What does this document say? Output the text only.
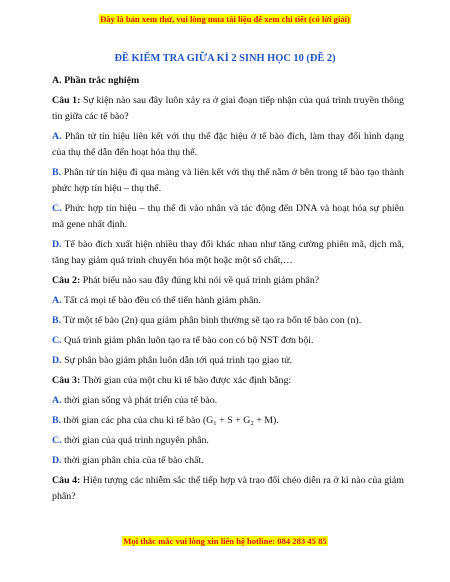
Đây là bản xem thử, vui lòng mua tài liệu để xem chi tiết (có lời giải)
ĐỀ KIỂM TRA GIỮA KÌ 2 SINH HỌC 10 (ĐỀ 2)

A. Phần trắc nghiệm

Câu 1: Sự kiện nào sau đây luôn xảy ra ở giai đoạn tiếp nhận của quá trình truyền thông tin giữa các tế bào?

A. Phân tử tín hiệu liên kết với thụ thể đặc hiệu ở tế bào đích, làm thay đổi hình dạng của thụ thể dẫn đến hoạt hóa thụ thể.

B. Phân tử tín hiệu đi qua màng và liên kết với thụ thể nằm ở bên trong tế bào tạo thành phức hợp tín hiệu – thụ thể.

C. Phức hợp tín hiệu – thụ thể đi vào nhân và tác động đến DNA và hoạt hóa sự phiên mã gene nhất định.

D. Tế bào đích xuất hiện nhiều thay đổi khác nhau như tăng cường phiên mã, dịch mã, tăng hay giảm quá trình chuyển hóa một hoặc một số chất,…

Câu 2: Phát biểu nào sau đây đúng khi nói về quá trình giảm phân?

A. Tất cả mọi tế bào đều có thể tiến hành giảm phân.

B. Từ một tế bào (2n) qua giảm phân bình thường sẽ tạo ra bốn tế bào con (n).

C. Quá trình giảm phân luôn tạo ra tế bào con có bộ NST đơn bội.

D. Sự phân bào giảm phân luôn dẫn tới quá trình tạo giao tử.

Câu 3: Thời gian của một chu kì tế bào được xác định bằng:

A. thời gian sống và phát triển của tế bào.

B. thời gian các pha của chu kì tế bào (G₁ + S + G₂ + M).

C. thời gian của quá trình nguyên phân.

D. thời gian phân chia của tế bào chất.

Câu 4: Hiện tượng các nhiễm sắc thể tiếp hợp và trao đổi chéo diễn ra ở kì nào của giảm phân?

Mọi thắc mắc vui lòng xin liên hệ hotline: 084 283 45 85
